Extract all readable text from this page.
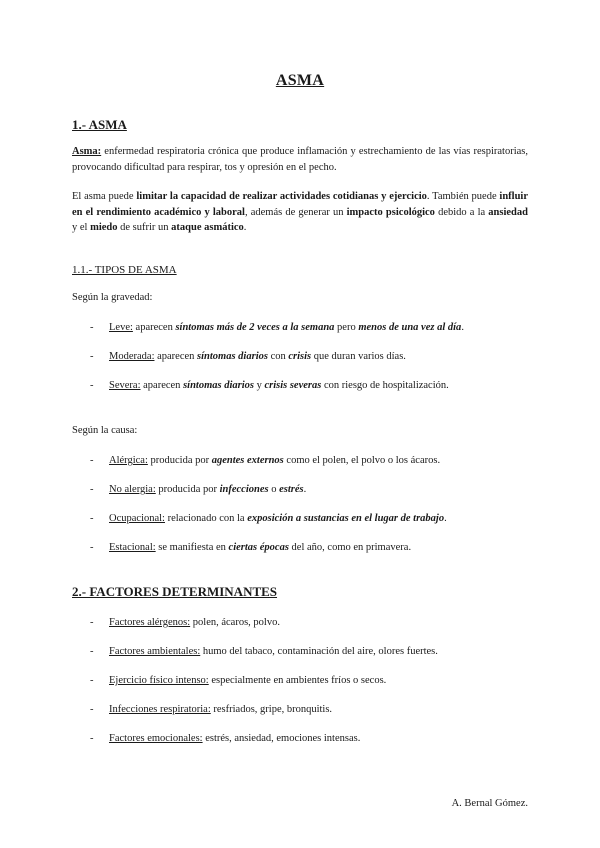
ASMA
1.- ASMA
Asma: enfermedad respiratoria crónica que produce inflamación y estrechamiento de las vías respiratorias, provocando dificultad para respirar, tos y opresión en el pecho.
El asma puede limitar la capacidad de realizar actividades cotidianas y ejercicio. También puede influir en el rendimiento académico y laboral, además de generar un impacto psicológico debido a la ansiedad y el miedo de sufrir un ataque asmático.
1.1.- TIPOS DE ASMA
Según la gravedad:
- Leve: aparecen síntomas más de 2 veces a la semana pero menos de una vez al día.
- Moderada: aparecen síntomas diarios con crisis que duran varios días.
- Severa: aparecen síntomas diarios y crisis severas con riesgo de hospitalización.
Según la causa:
- Alérgica: producida por agentes externos como el polen, el polvo o los ácaros.
- No alergia: producida por infecciones o estrés.
- Ocupacional: relacionado con la exposición a sustancias en el lugar de trabajo.
- Estacional: se manifiesta en ciertas épocas del año, como en primavera.
2.- FACTORES DETERMINANTES
- Factores alérgenos: polen, ácaros, polvo.
- Factores ambientales: humo del tabaco, contaminación del aire, olores fuertes.
- Ejercicio físico intenso: especialmente en ambientes fríos o secos.
- Infecciones respiratoria: resfriados, gripe, bronquitis.
- Factores emocionales: estrés, ansiedad, emociones intensas.
A. Bernal Gómez.
